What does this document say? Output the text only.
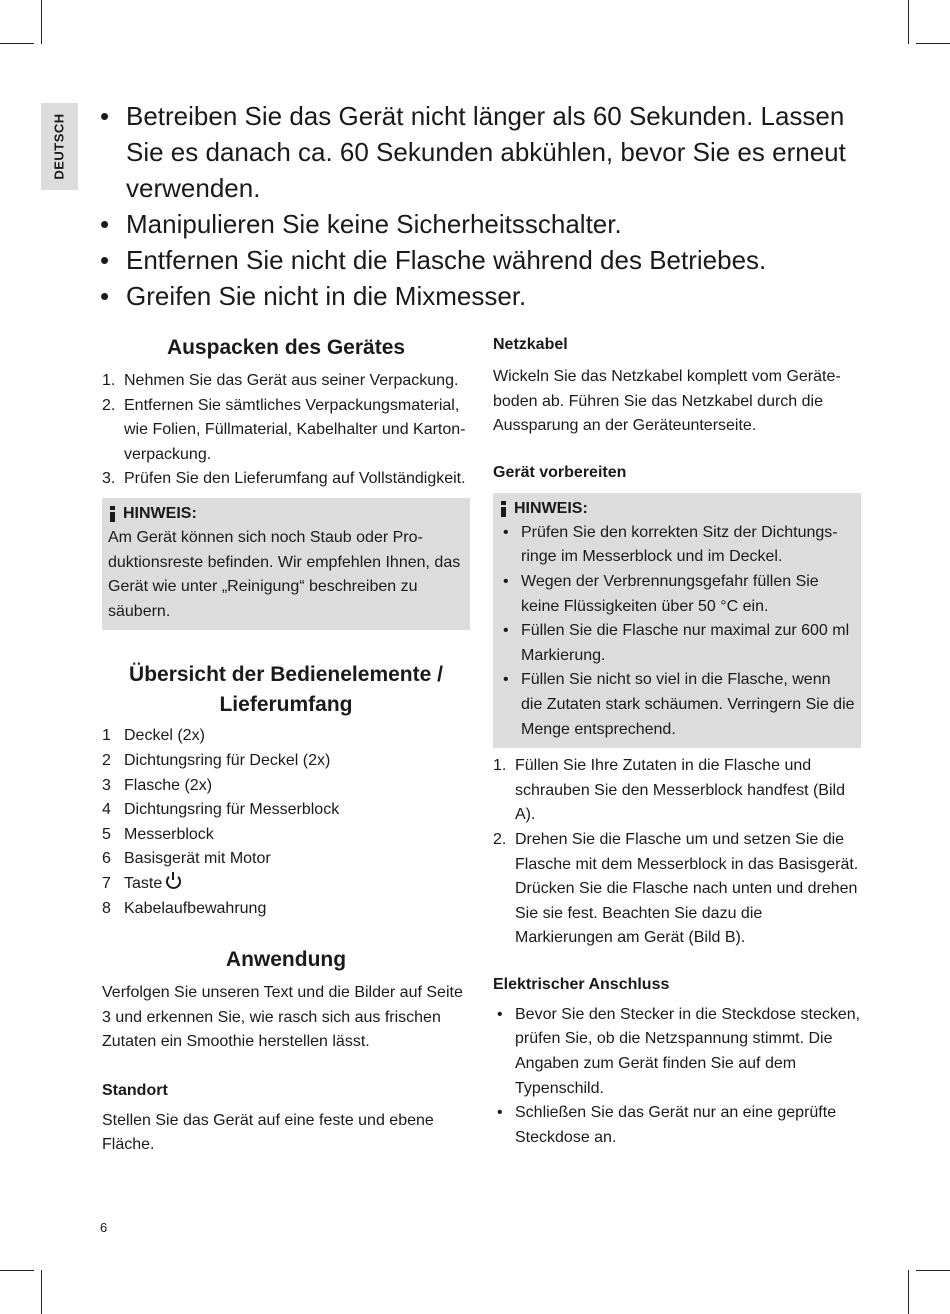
DEUTSCH
•	Betreiben Sie das Gerät nicht länger als 60 Sekunden. Lassen Sie es danach ca. 60 Sekunden abkühlen, bevor Sie es erneut verwenden.
• Manipulieren Sie keine Sicherheitsschalter.
• Entfernen Sie nicht die Flasche während des Betriebes.
• Greifen Sie nicht in die Mixmesser.
Auspacken des Gerätes
1. Nehmen Sie das Gerät aus seiner Verpackung.
2. Entfernen Sie sämtliches Verpackungsmaterial, wie Folien, Füllmaterial, Kabelhalter und Kartonverpackung.
3. Prüfen Sie den Lieferumfang auf Vollständigkeit.
HINWEIS:

Am Gerät können sich noch Staub oder Produktionsreste befinden. Wir empfehlen Ihnen, das Gerät wie unter „Reinigung“ beschreiben zu säubern.

Übersicht der Bedienelemente /
Lieferumfang
1 Deckel (2x)
2 Dichtungsring für Deckel (2x)
3 Flasche (2x)
4 Dichtungsring für Messerblock
5 Messerblock
6 Basisgerät mit Motor
7 Taste
8 Kabelaufbewahrung
Anwendung

Verfolgen Sie unseren Text und die Bilder auf Seite 3 und erkennen Sie, wie rasch sich aus frischen Zutaten ein Smoothie herstellen lässt.

Standort

Stellen Sie das Gerät auf eine feste und ebene Fläche.

Netzkabel

Wickeln Sie das Netzkabel komplett vom Geräteboden ab. Führen Sie das Netzkabel durch die Aussparung an der Geräteunterseite.

Gerät vorbereiten
HINWEIS:
• Prüfen Sie den korrekten Sitz der Dichtungsringe im Messerblock und im Deckel.
• Wegen der Verbrennungsgefahr füllen Sie keine Flüssigkeiten über 50 °C ein.
• Füllen Sie die Flasche nur maximal zur 600 ml Markierung.
• Füllen Sie nicht so viel in die Flasche, wenn die Zutaten stark schäumen. Verringern Sie die Menge entsprechend.
1. Füllen Sie Ihre Zutaten in die Flasche und schrauben Sie den Messerblock handfest (Bild A).
2. Drehen Sie die Flasche um und setzen Sie die Flasche mit dem Messerblock in das Basisgerät. Drücken Sie die Flasche nach unten und drehen Sie sie fest. Beachten Sie dazu die Markierungen am Gerät (Bild B).
Elektrischer Anschluss
• Bevor Sie den Stecker in die Steckdose stecken, prüfen Sie, ob die Netzspannung stimmt. Die Angaben zum Gerät finden Sie auf dem Typenschild.
• Schließen Sie das Gerät nur an eine geprüfte Steckdose an.
6
